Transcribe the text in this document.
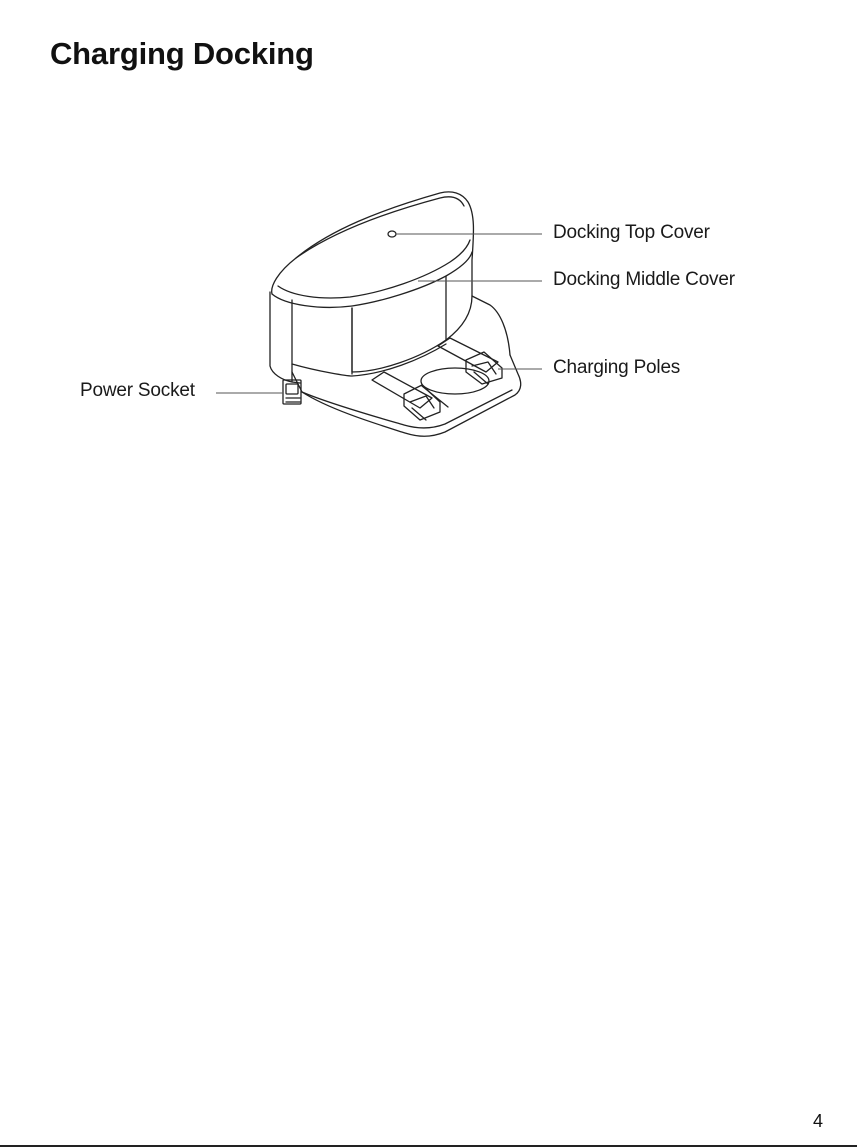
Charging Docking
Docking Top Cover
Docking Middle Cover
Charging Poles
Power Socket
4
